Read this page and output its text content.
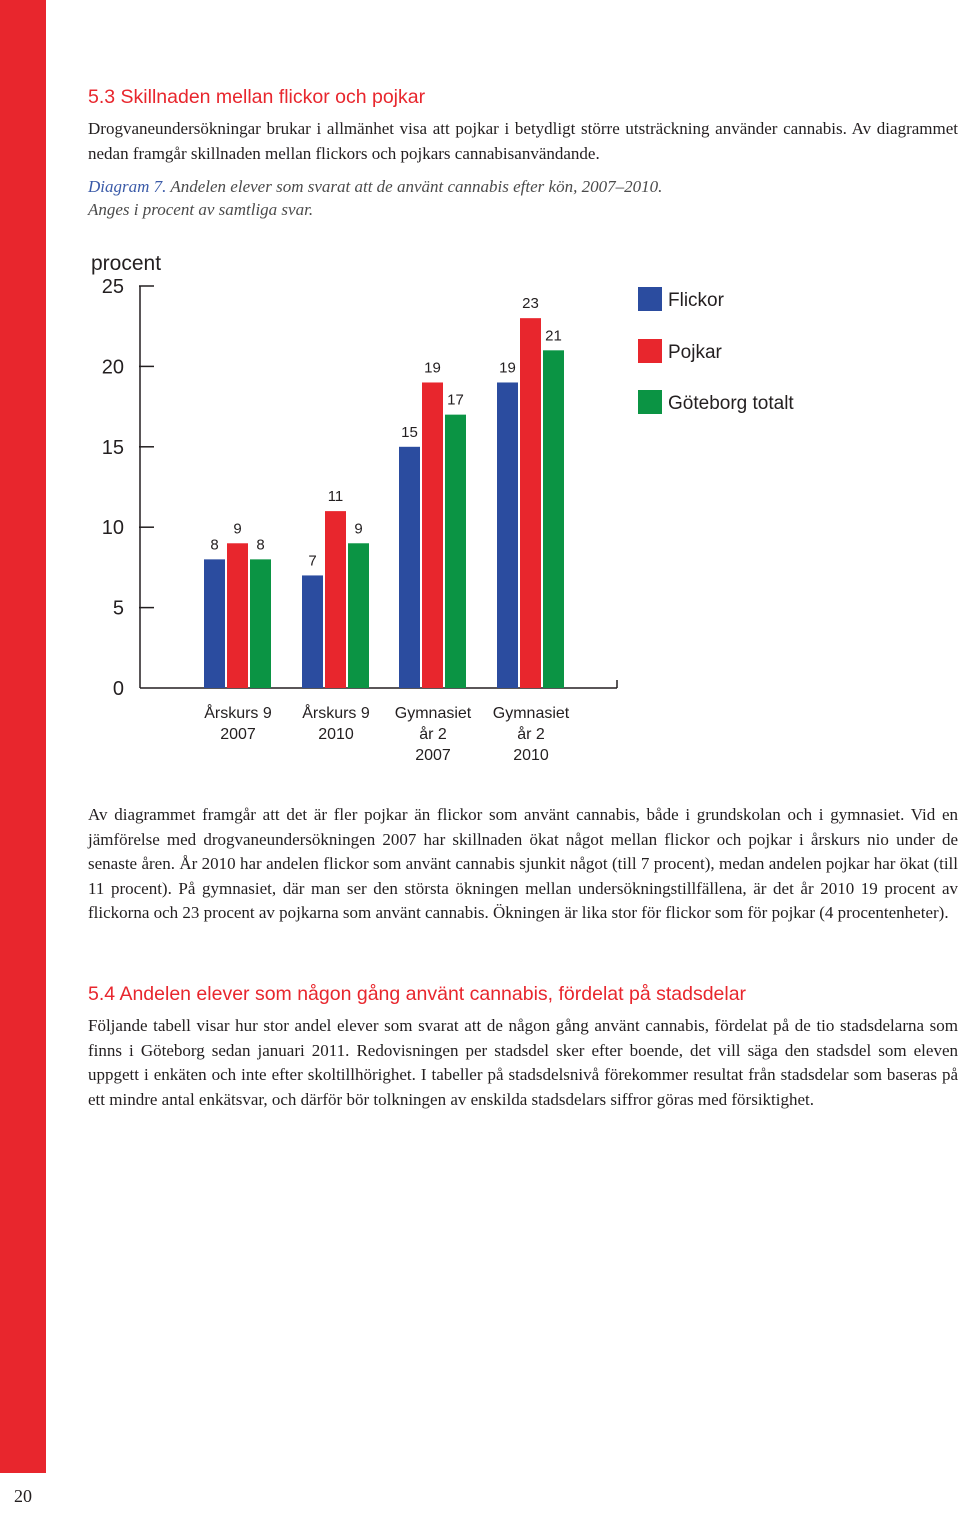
20
5.3 Skillnaden mellan flickor och pojkar

Drogvaneundersökningar brukar i allmänhet visa att pojkar i betydligt större utsträckning använder cannabis. Av diagrammet nedan framgår skillnaden mellan flickors och pojkars cannabisanvändande.

Diagram 7. Andelen elever som svarat att de använt cannabis efter kön, 2007–2010.
Anges i procent av samtliga svar.

procent
0
5
10
15
20
25
Årskurs 9
2007
Årskurs 9
2010
Gymnasiet
år 2
2007
Gymnasiet
år 2
2010
8
7
15
19
9
11
19
23
8
9
17
21
Flickor
Pojkar
Göteborg totalt

Av diagrammet framgår att det är fler pojkar än flickor som använt cannabis, både i grundskolan och i gymnasiet. Vid en jämförelse med drogvaneundersökningen 2007 har skillnaden ökat något mellan flickor och pojkar i årskurs nio under de senaste åren. År 2010 har andelen flickor som använt cannabis sjunkit något (till 7 procent), medan andelen pojkar har ökat (till 11 procent). På gymnasiet, där man ser den största ökningen mellan undersökningstillfällena, är det år 2010 19 procent av flickorna och 23 procent av pojkarna som använt cannabis. Ökningen är lika stor för flickor som för pojkar (4 procentenheter).

5.4 Andelen elever som någon gång använt cannabis, fördelat på stadsdelar

Följande tabell visar hur stor andel elever som svarat att de någon gång använt cannabis, fördelat på de tio stadsdelarna som finns i Göteborg sedan januari 2011. Redovisningen per stadsdel sker efter boende, det vill säga den stadsdel som eleven uppgett i enkäten och inte efter skoltillhörighet. I tabeller på stadsdelsnivå förekommer resultat från stadsdelar som baseras på ett mindre antal enkätsvar, och därför bör tolkningen av enskilda stadsdelars siffror göras med försiktighet.
